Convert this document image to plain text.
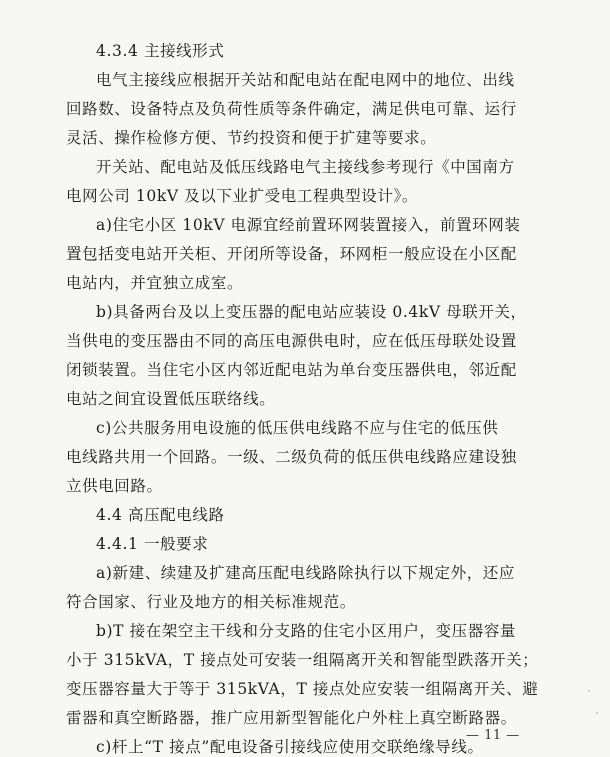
4.3.4 主接线形式
电气主接线应根据开关站和配电站在配电网中的地位、出线
回路数、设备特点及负荷性质等条件确定，满足供电可靠、运行
灵活、操作检修方便、节约投资和便于扩建等要求。
开关站、配电站及低压线路电气主接线参考现行《中国南方
电网公司 10kV 及以下业扩受电工程典型设计》。
a)住宅小区 10kV 电源宜经前置环网装置接入，前置环网装
置包括变电站开关柜、开闭所等设备，环网柜一般应设在小区配
电站内，并宜独立成室。
b)具备两台及以上变压器的配电站应装设 0.4kV 母联开关，
当供电的变压器由不同的高压电源供电时，应在低压母联处设置
闭锁装置。当住宅小区内邻近配电站为单台变压器供电，邻近配
电站之间宜设置低压联络线。
c)公共服务用电设施的低压供电线路不应与住宅的低压供
电线路共用一个回路。一级、二级负荷的低压供电线路应建设独
立供电回路。
4.4 高压配电线路
4.4.1 一般要求
a)新建、续建及扩建高压配电线路除执行以下规定外，还应
符合国家、行业及地方的相关标准规范。
b)T 接在架空主干线和分支路的住宅小区用户，变压器容量
小于 315kVA，T 接点处可安装一组隔离开关和智能型跌落开关；
变压器容量大于等于 315kVA，T 接点处应安装一组隔离开关、避
雷器和真空断路器，推广应用新型智能化户外柱上真空断路器。
c)杆上“T 接点”配电设备引接线应使用交联绝缘导线。
— 11 —
